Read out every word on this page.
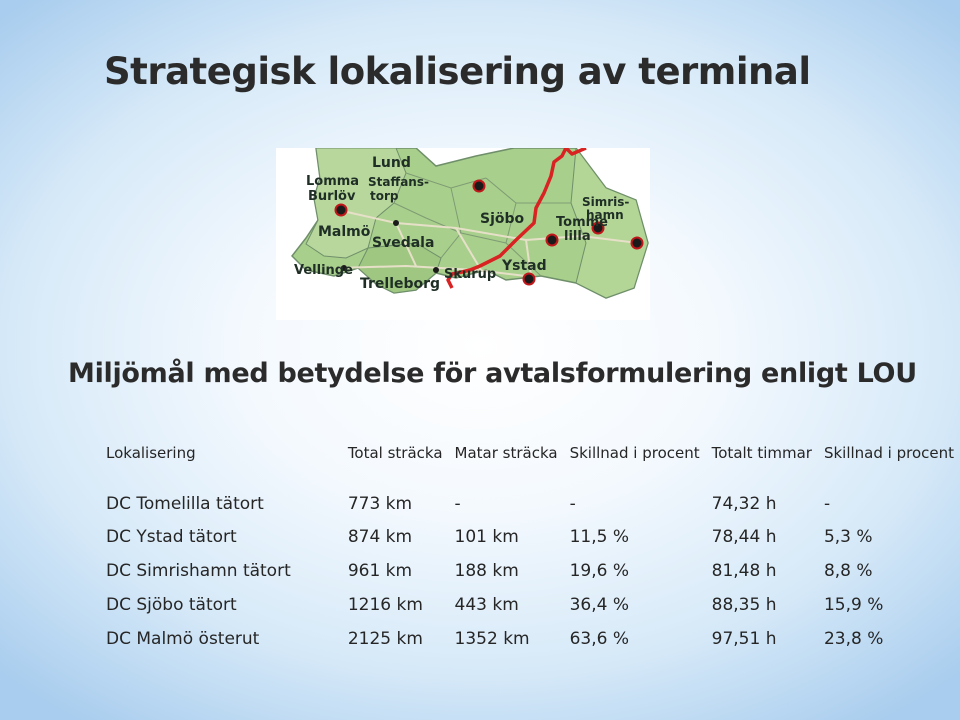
Strategisk lokalisering av terminal
Lund
Lomma Staffans-
torp
Burlöv
Malmö
Svedala
Vellinge
Trelleborg
Skurup
Sjöbo
Ystad
Tomme
lilla
Simris-
hamn
Miljömål med betydelse för avtalsformulering enligt LOU
Lokalisering	Total sträcka	Matar sträcka	Skillnad i procent	Totalt timmar	Skillnad i procent
DC Tomelilla tätort	773 km	-	-	74,32 h	-
DC Ystad tätort	874 km	101 km	11,5 %	78,44 h	5,3 %
DC Simrishamn tätort	961 km	188 km	19,6 %	81,48 h	8,8 %
DC Sjöbo tätort	1216 km	443 km	36,4 %	88,35 h	15,9 %
DC Malmö österut	2125 km	1352 km	63,6 %	97,51 h	23,8 %
